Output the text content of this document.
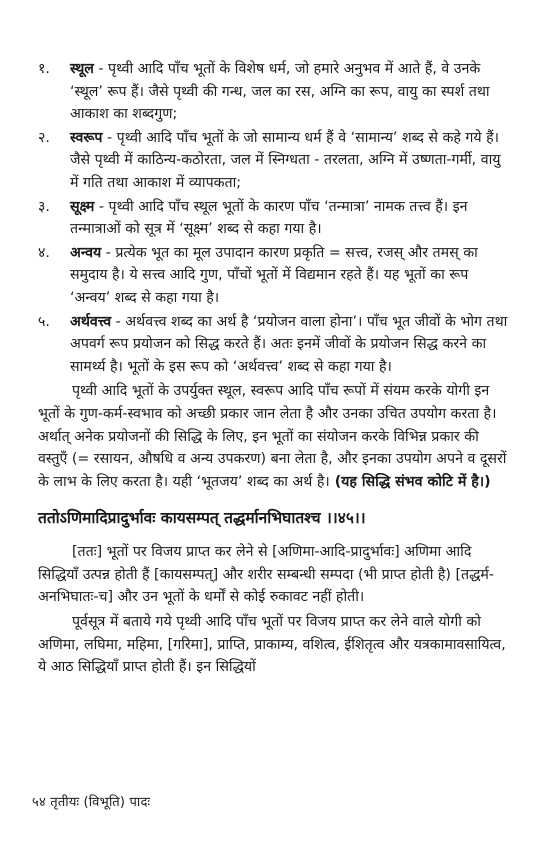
१. स्थूल - पृथ्वी आदि पाँच भूतों के विशेष धर्म, जो हमारे अनुभव में आते हैं, वे उनके ‘स्थूल’ रूप हैं। जैसे पृथ्वी की गन्ध, जल का रस, अग्नि का रूप, वायु का स्पर्श तथा आकाश का शब्दगुण;
२. स्वरूप - पृथ्वी आदि पाँच भूतों के जो सामान्य धर्म हैं वे ‘सामान्य’ शब्द से कहे गये हैं। जैसे पृथ्वी में काठिन्य-कठोरता, जल में स्निग्धता - तरलता, अग्नि में उष्णता-गर्मी, वायु में गति तथा आकाश में व्यापकता;
३. सूक्ष्म - पृथ्वी आदि पाँच स्थूल भूतों के कारण पाँच ‘तन्मात्रा’ नामक तत्त्व हैं। इन तन्मात्राओं को सूत्र में ‘सूक्ष्म’ शब्द से कहा गया है।
४. अन्वय - प्रत्येक भूत का मूल उपादान कारण प्रकृति = सत्त्व, रजस् और तमस् का समुदाय है। ये सत्त्व आदि गुण, पाँचों भूतों में विद्यमान रहते हैं। यह भूतों का रूप ‘अन्वय’ शब्द से कहा गया है।
५. अर्थवत्त्व - अर्थवत्त्व शब्द का अर्थ है ‘प्रयोजन वाला होना’। पाँच भूत जीवों के भोग तथा अपवर्ग रूप प्रयोजन को सिद्ध करते हैं। अतः इनमें जीवों के प्रयोजन सिद्ध करने का सामर्थ्य है। भूतों के इस रूप को ‘अर्थवत्त्व’ शब्द से कहा गया है।

पृथ्वी आदि भूतों के उपर्युक्त स्थूल, स्वरूप आदि पाँच रूपों में संयम करके योगी इन भूतों के गुण-कर्म-स्वभाव को अच्छी प्रकार जान लेता है और उनका उचित उपयोग करता है। अर्थात् अनेक प्रयोजनों की सिद्धि के लिए, इन भूतों का संयोजन करके विभिन्न प्रकार की वस्तुएँ (= रसायन, औषधि व अन्य उपकरण) बना लेता है, और इनका उपयोग अपने व दूसरों के लाभ के लिए करता है। यही ‘भूतजय’ शब्द का अर्थ है। (यह सिद्धि संभव कोटि में है।)

ततोऽणिमादिप्रादुर्भावः कायसम्पत् तद्धर्मानभिघातश्च ।।४५।।

[ततः] भूतों पर विजय प्राप्त कर लेने से [अणिमा-आदि-प्रादुर्भावः] अणिमा आदि सिद्धियाँ उत्पन्न होती हैं [कायसम्पत्] और शरीर सम्बन्धी सम्पदा (भी प्राप्त होती है) [तद्धर्म-अनभिघातः-च] और उन भूतों के धर्मों से कोई रुकावट नहीं होती।

पूर्वसूत्र में बताये गये पृथ्वी आदि पाँच भूतों पर विजय प्राप्त कर लेने वाले योगी को अणिमा, लघिमा, महिमा, [गरिमा], प्राप्ति, प्राकाम्य, वशित्व, ईशितृत्व और यत्रकामावसायित्व, ये आठ सिद्धियाँ प्राप्त होती हैं। इन सिद्धियों

५४ तृतीयः (विभूति) पादः
